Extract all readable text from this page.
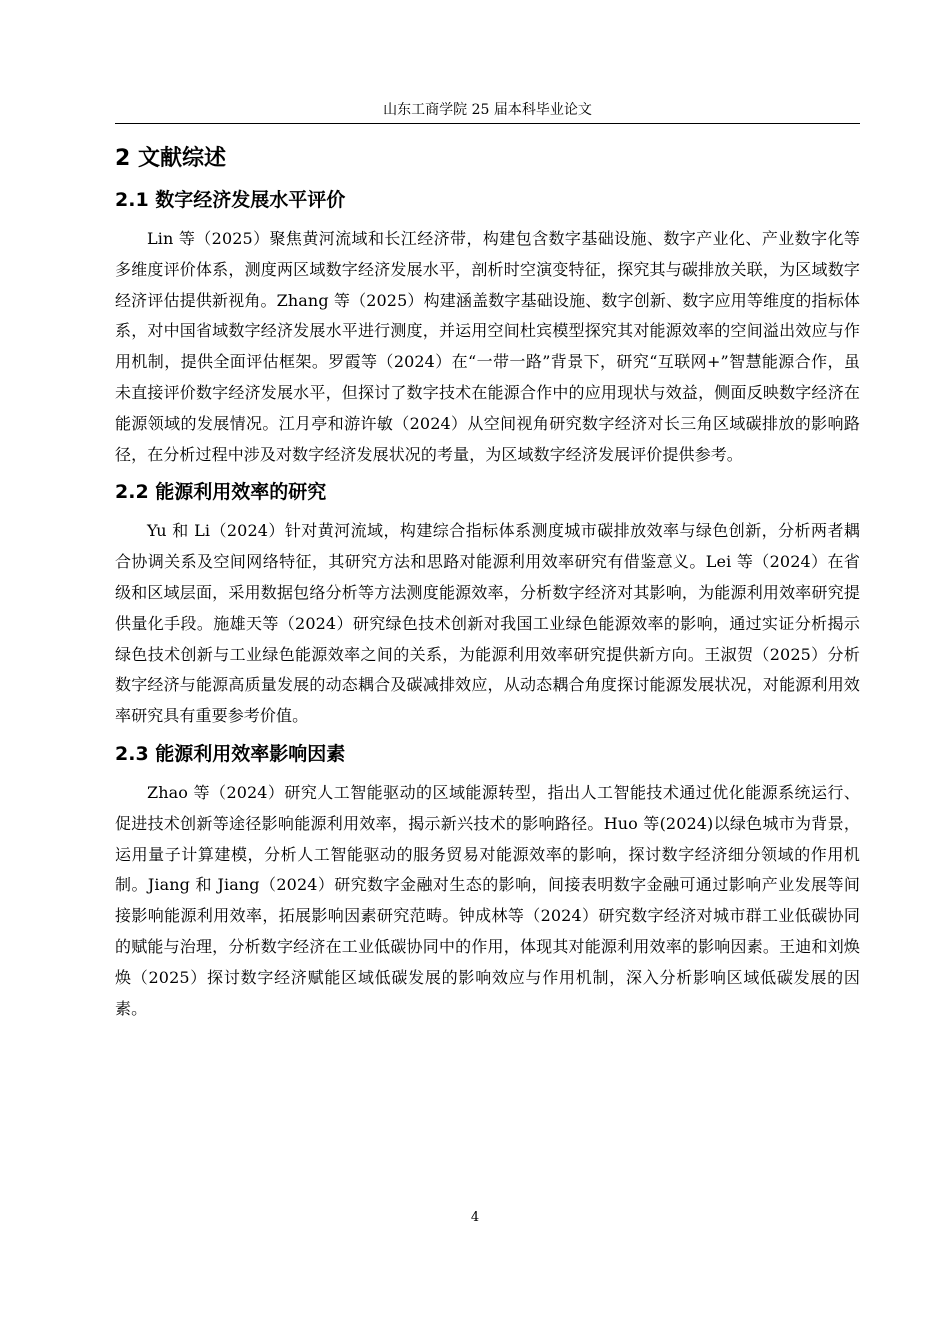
山东工商学院 25 届本科毕业论文
2 文献综述
2.1 数字经济发展水平评价

Lin 等（2025）聚焦黄河流域和长江经济带，构建包含数字基础设施、数字产业化、产业数字化等多维度评价体系，测度两区域数字经济发展水平，剖析时空演变特征，探究其与碳排放关联，为区域数字经济评估提供新视角。Zhang 等（2025）构建涵盖数字基础设施、数字创新、数字应用等维度的指标体系，对中国省域数字经济发展水平进行测度，并运用空间杜宾模型探究其对能源效率的空间溢出效应与作用机制，提供全面评估框架。罗霞等（2024）在“一带一路”背景下，研究“互联网+”智慧能源合作，虽未直接评价数字经济发展水平，但探讨了数字技术在能源合作中的应用现状与效益，侧面反映数字经济在能源领域的发展情况。江月亭和游许敏（2024）从空间视角研究数字经济对长三角区域碳排放的影响路径，在分析过程中涉及对数字经济发展状况的考量，为区域数字经济发展评价提供参考。

2.2 能源利用效率的研究

Yu 和 Li（2024）针对黄河流域，构建综合指标体系测度城市碳排放效率与绿色创新，分析两者耦合协调关系及空间网络特征，其研究方法和思路对能源利用效率研究有借鉴意义。Lei 等（2024）在省级和区域层面，采用数据包络分析等方法测度能源效率，分析数字经济对其影响，为能源利用效率研究提供量化手段。施雄天等（2024）研究绿色技术创新对我国工业绿色能源效率的影响，通过实证分析揭示绿色技术创新与工业绿色能源效率之间的关系，为能源利用效率研究提供新方向。王淑贺（2025）分析数字经济与能源高质量发展的动态耦合及碳减排效应，从动态耦合角度探讨能源发展状况，对能源利用效率研究具有重要参考价值。

2.3 能源利用效率影响因素

Zhao 等（2024）研究人工智能驱动的区域能源转型，指出人工智能技术通过优化能源系统运行、促进技术创新等途径影响能源利用效率，揭示新兴技术的影响路径。Huo 等(2024)以绿色城市为背景，运用量子计算建模，分析人工智能驱动的服务贸易对能源效率的影响，探讨数字经济细分领域的作用机制。Jiang 和 Jiang（2024）研究数字金融对生态的影响，间接表明数字金融可通过影响产业发展等间接影响能源利用效率，拓展影响因素研究范畴。钟成林等（2024）研究数字经济对城市群工业低碳协同的赋能与治理，分析数字经济在工业低碳协同中的作用，体现其对能源利用效率的影响因素。王迪和刘焕焕（2025）探讨数字经济赋能区域低碳发展的影响效应与作用机制，深入分析影响区域低碳发展的因素。

4
